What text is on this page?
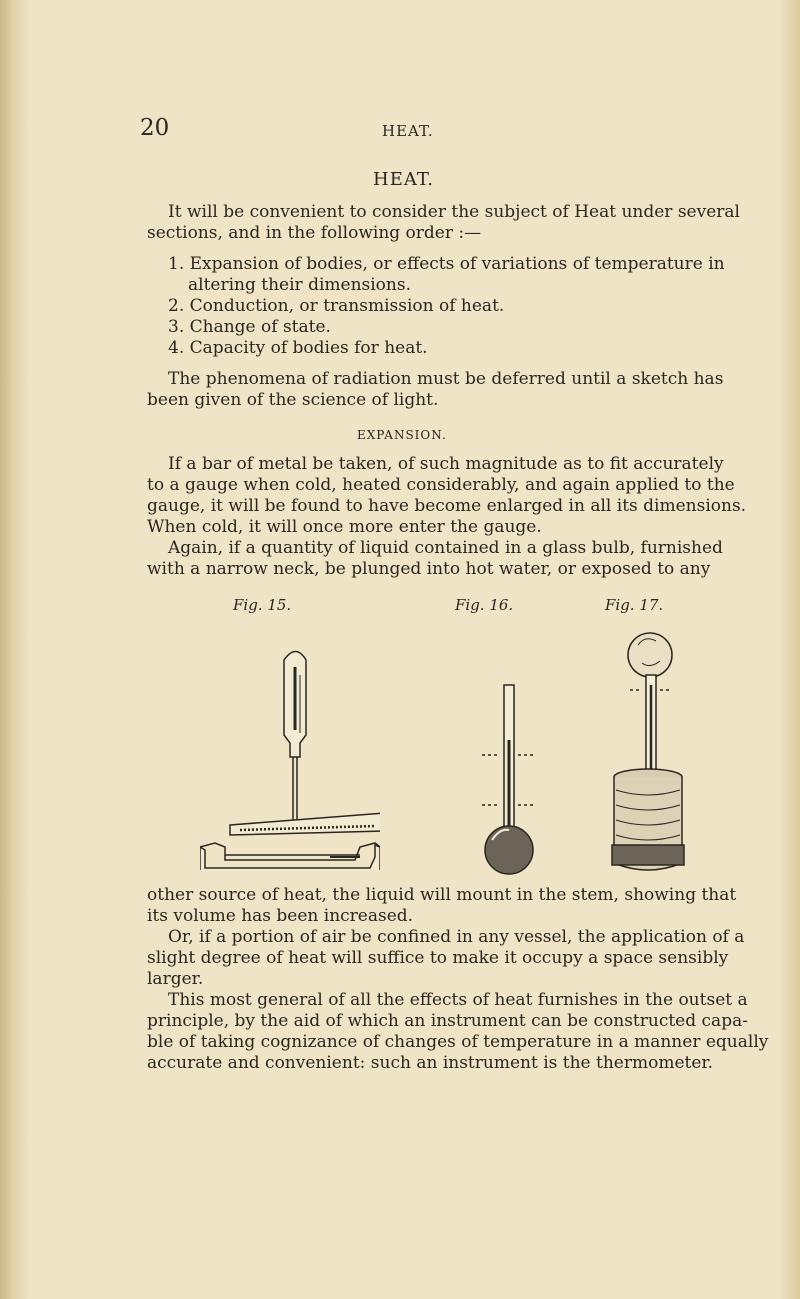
20	HEAT.
HEAT.
It will be convenient to consider the subject of Heat under several
sections, and in the following order :—
1. Expansion of bodies, or effects of variations of temperature in
altering their dimensions.
2. Conduction, or transmission of heat.
3. Change of state.
4. Capacity of bodies for heat.
The phenomena of radiation must be deferred until a sketch has
been given of the science of light.
EXPANSION.
If a bar of metal be taken, of such magnitude as to fit accurately
to a gauge when cold, heated considerably, and again applied to the
gauge, it will be found to have become enlarged in all its dimensions.
When cold, it will once more enter the gauge.
Again, if a quantity of liquid contained in a glass bulb, furnished
with a narrow neck, be plunged into hot water, or exposed to any
Fig. 15.	Fig. 16.	Fig. 17.
other source of heat, the liquid will mount in the stem, showing that
its volume has been increased.
Or, if a portion of air be confined in any vessel, the application of a
slight degree of heat will suffice to make it occupy a space sensibly
larger.
This most general of all the effects of heat furnishes in the outset a
principle, by the aid of which an instrument can be constructed capa-
ble of taking cognizance of changes of temperature in a manner equally
accurate and convenient: such an instrument is the thermometer.
